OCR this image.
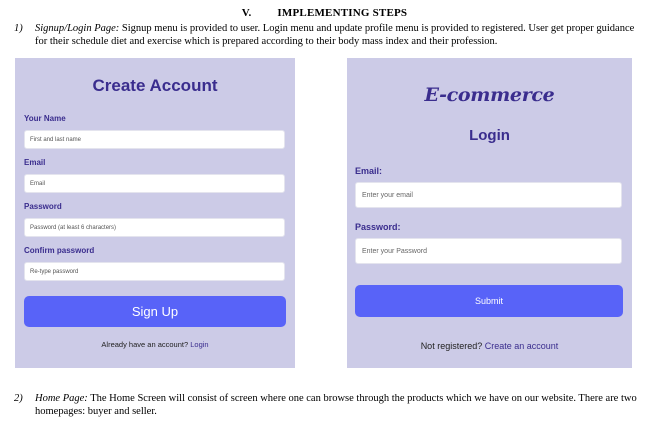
V. IMPLEMENTING STEPS
1) Signup/Login Page: Signup menu is provided to user. Login menu and update profile menu is provided to registered. User get proper guidance for their schedule diet and exercise which is prepared according to their body mass index and their profession.
Create Account
Your Name
First and last name
Email
Email
Password
Password (at least 6 characters)
Confirm password
Re-type password
Sign Up
Already have an account? Login
E-commerce
Login
Email:
Enter your email
Password:
Enter your Password
Submit
Not registered? Create an account
2) Home Page: The Home Screen will consist of screen where one can browse through the products which we have on our website. There are two homepages: buyer and seller.
